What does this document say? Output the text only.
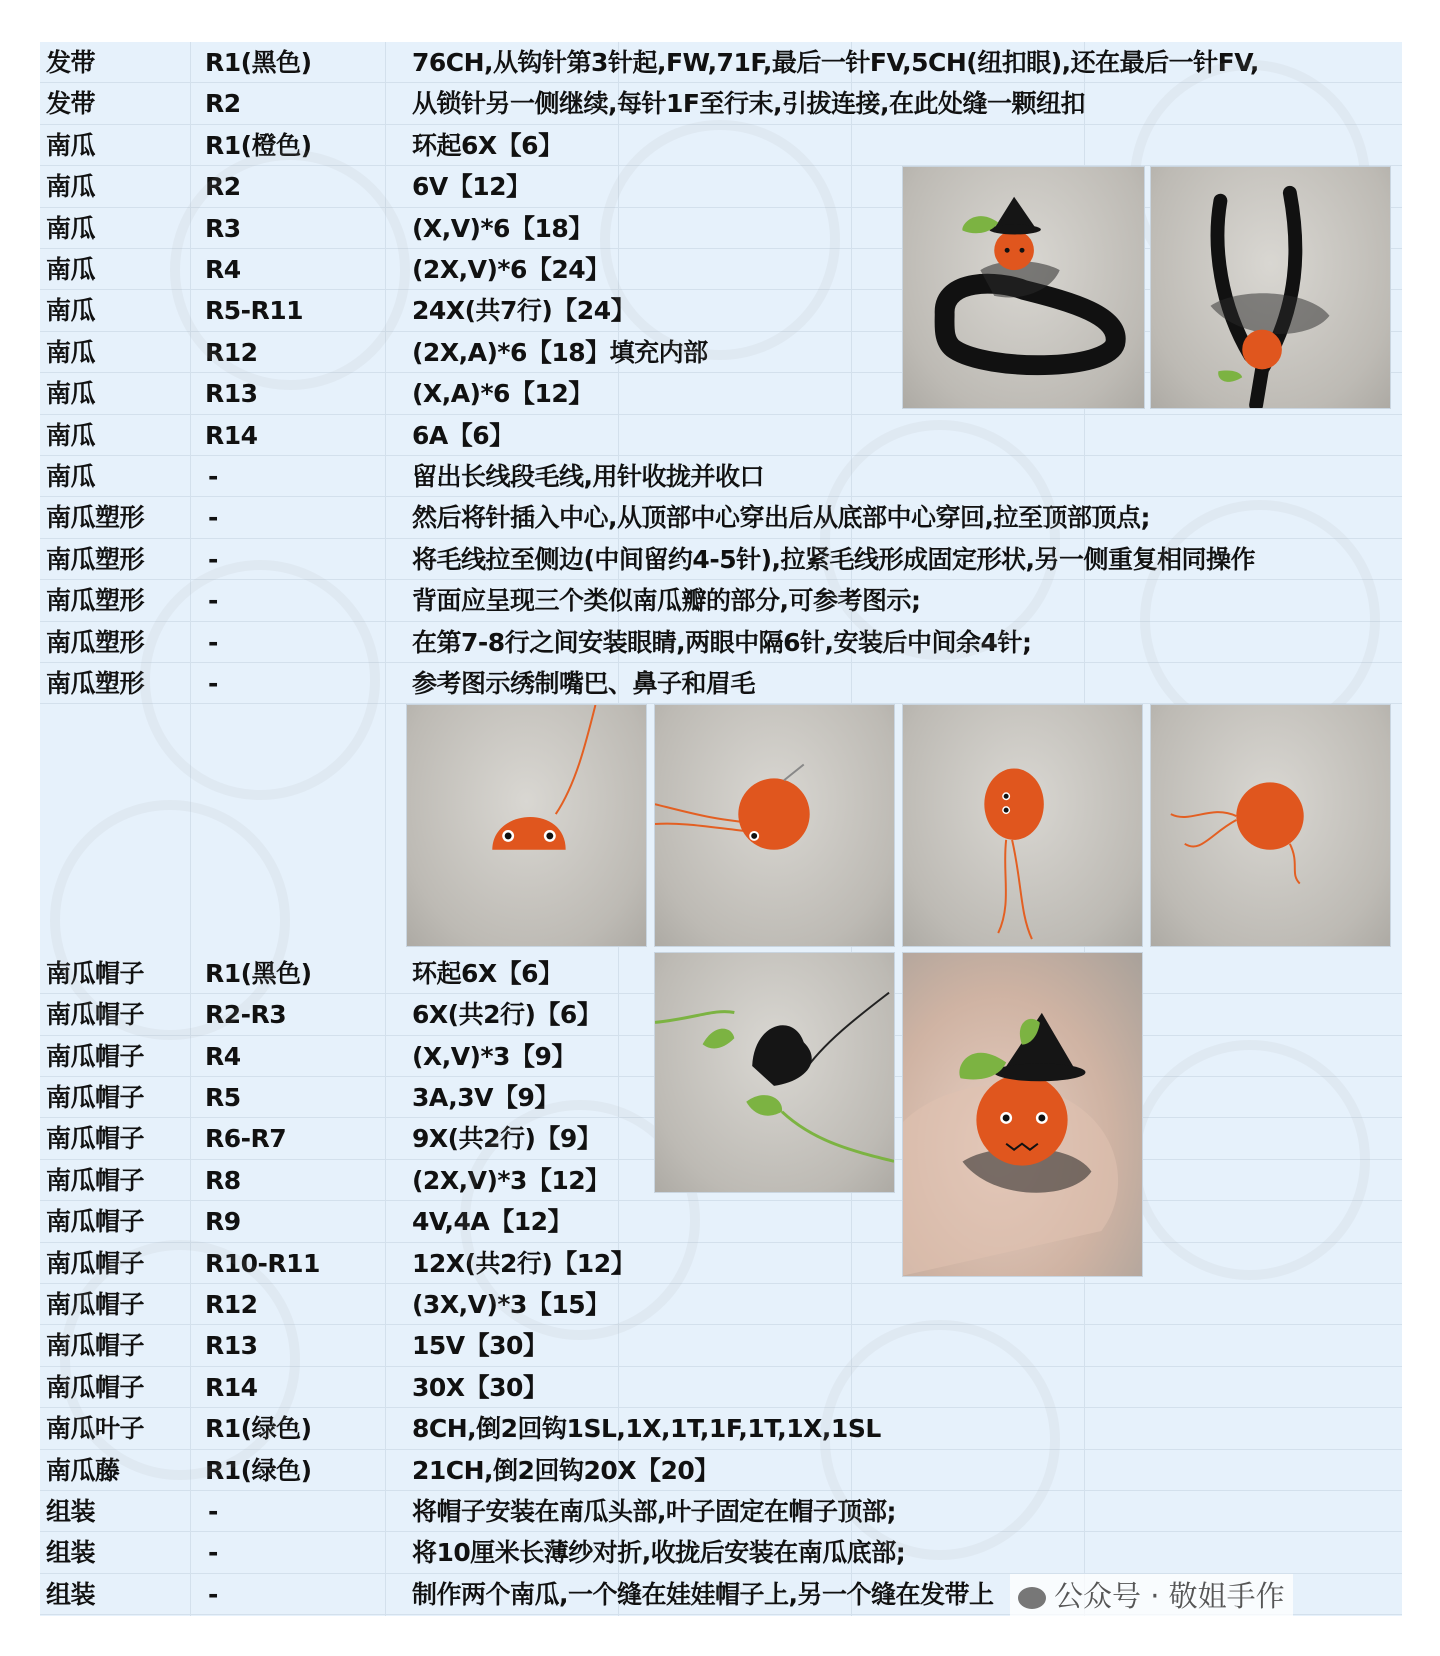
发带	R1(黑色)	76CH,从钩针第3针起,FW,71F,最后一针FV,5CH(纽扣眼),还在最后一针FV,
发带	R2	从锁针另一侧继续,每针1F至行末,引拔连接,在此处缝一颗纽扣
南瓜	R1(橙色)	环起6X【6】
南瓜	R2	6V【12】
南瓜	R3	(X,V)*6【18】
南瓜	R4	(2X,V)*6【24】
南瓜	R5-R11	24X(共7行)【24】
南瓜	R12	(2X,A)*6【18】填充内部
南瓜	R13	(X,A)*6【12】
南瓜	R14	6A【6】
南瓜	-	留出长线段毛线,用针收拢并收口
南瓜塑形	-	然后将针插入中心,从顶部中心穿出后从底部中心穿回,拉至顶部顶点;
南瓜塑形	-	将毛线拉至侧边(中间留约4-5针),拉紧毛线形成固定形状,另一侧重复相同操作
南瓜塑形	-	背面应呈现三个类似南瓜瓣的部分,可参考图示;
南瓜塑形	-	在第7-8行之间安装眼睛,两眼中隔6针,安装后中间余4针;
南瓜塑形	-	参考图示绣制嘴巴、鼻子和眉毛
南瓜帽子 R1(黑色)	环起6X【6】
南瓜帽子 R2-R3	6X(共2行)【6】
南瓜帽子 R4	(X,V)*3【9】
南瓜帽子 R5	3A,3V【9】
南瓜帽子 R6-R7	9X(共2行)【9】
南瓜帽子 R8	(2X,V)*3【12】
南瓜帽子 R9	4V,4A【12】
南瓜帽子 R10-R11	12X(共2行)【12】
南瓜帽子 R12	(3X,V)*3【15】
南瓜帽子 R13	15V【30】
南瓜帽子 R14	30X【30】
南瓜叶子 R1(绿色)	8CH,倒2回钩1SL,1X,1T,1F,1T,1X,1SL
南瓜藤	R1(绿色)	21CH,倒2回钩20X【20】
组装	-	将帽子安装在南瓜头部,叶子固定在帽子顶部;
组装	-	将10厘米长薄纱对折,收拢后安装在南瓜底部;
组装	-	制作两个南瓜,一个缝在娃娃帽子上,另一个缝在发带上	公众号 · 敬姐手作
